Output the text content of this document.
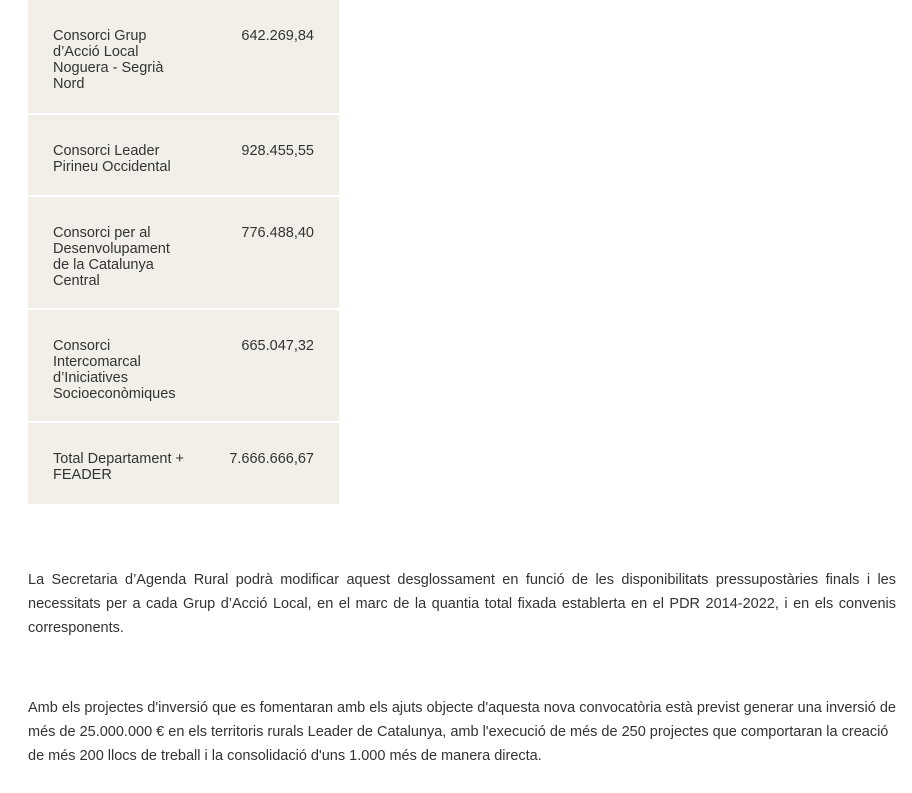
Consorci Grup d’Acció Local Noguera - Segrià Nord
642.269,84
Consorci Leader Pirineu Occidental
928.455,55
Consorci per al Desenvolupament de la Catalunya Central
776.488,40
Consorci Intercomarcal d’Iniciatives Socioeconòmiques
665.047,32
Total Departament + FEADER
7.666.666,67

La Secretaria d’Agenda Rural podrà modificar aquest desglossament en funció de les disponibilitats pressupostàries finals i les necessitats per a cada Grup d’Acció Local, en el marc de la quantia total fixada establerta en el PDR 2014-2022, i en els convenis corresponents.

Amb els projectes d'inversió que es fomentaran amb els ajuts objecte d'aquesta nova convocatòria està previst generar una inversió de més de 25.000.000 € en els territoris rurals Leader de Catalunya, amb l'execució de més de 250 projectes que comportaran la creació de més 200 llocs de treball i la consolidació d'uns 1.000 més de manera directa.
